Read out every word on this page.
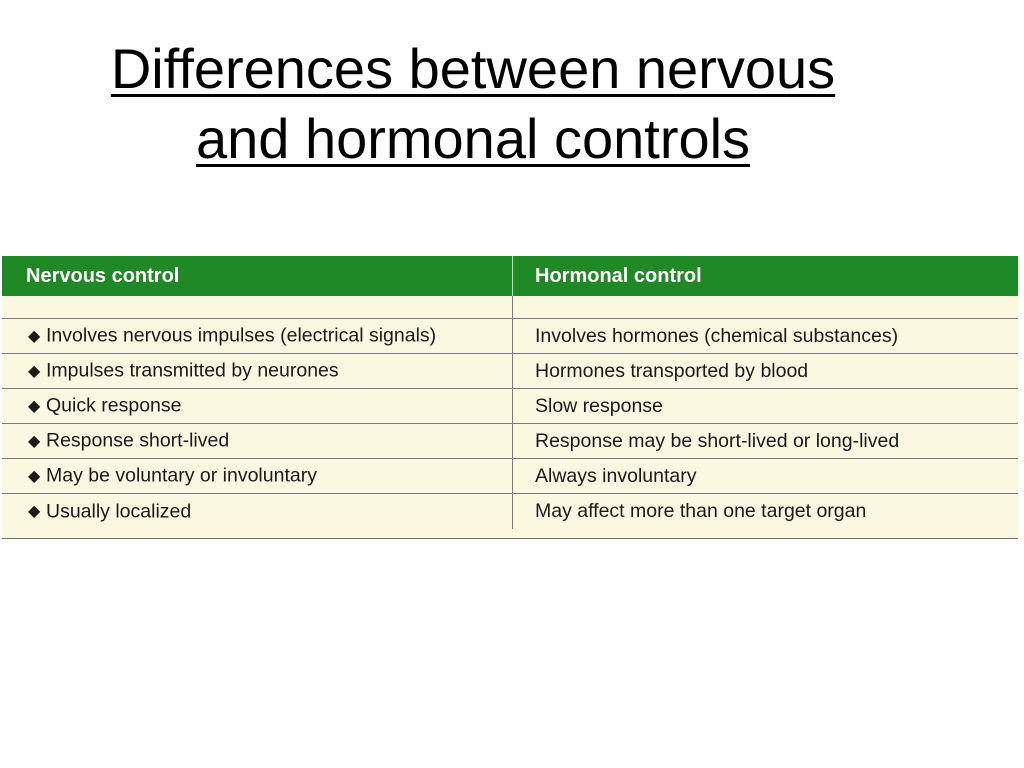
Differences between nervous
and hormonal controls
Nervous control	Hormonal control

◆ Involves nervous impulses (electrical signals)	Involves hormones (chemical substances)
◆ Impulses transmitted by neurones	Hormones transported by blood
◆ Quick response	Slow response
◆ Response short-lived	Response may be short-lived or long-lived
◆ May be voluntary or involuntary	Always involuntary
◆ Usually localized	May affect more than one target organ
